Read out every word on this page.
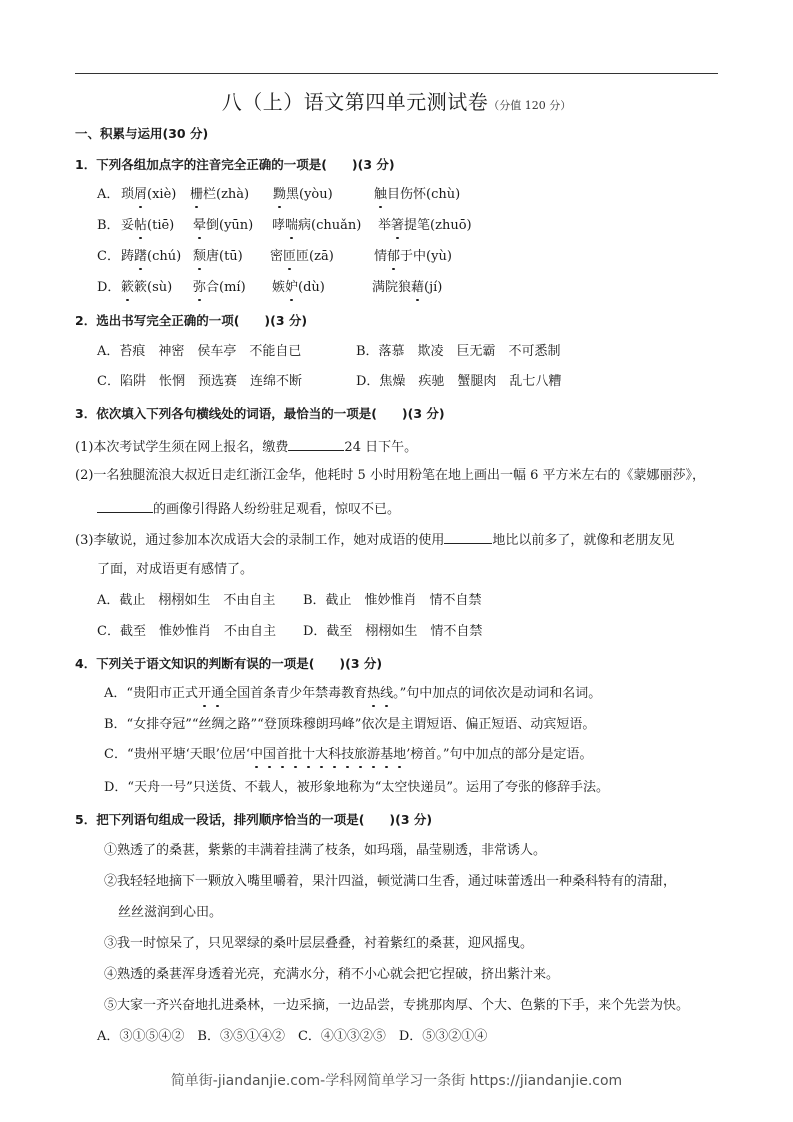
八（上）语文第四单元测试卷（分值 120 分）
一、积累与运用(30 分)
1．下列各组加点字的注音完全正确的一项是(　　)(3 分)
A． 琐屑(xiè) 栅栏(zhà) 黝黑(yòu)	触目伤怀(chù)
B． 妥帖(tiē) 晕倒(yūn) 哮喘病(chuǎn) 举箸提笔(zhuō)
C． 踌躇(chú) 颓唐(tū) 密匝匝(zā)	情郁于中(yù)
D． 簌簌(sù) 弥合(mí) 嫉妒(dù)	满院狼藉(jí)
2．选出书写完全正确的一项(　　)(3 分)
A．苔痕　神密　侯车亭　不能自已	B．落慕　欺凌　巨无霸　不可悉制
C．陷阱　怅惘　预选赛　连绵不断	D．焦燥　疾驰　蟹腿肉　乱七八糟
3．依次填入下列各句横线处的词语，最恰当的一项是(　　)(3 分)
(1)本次考试学生须在网上报名，缴费	24 日下午。
(2)一名独腿流浪大叔近日走红浙江金华，他耗时 5 小时用粉笔在地上画出一幅 6 平方米左右的《蒙娜丽莎》，
的画像引得路人纷纷驻足观看，惊叹不已。
(3)李敏说，通过参加本次成语大会的录制工作，她对成语的使用	地比以前多了，就像和老朋友见
了面，对成语更有感情了。
A．截止　栩栩如生　不由自主 B．截止　惟妙惟肖　情不自禁
C．截至　惟妙惟肖　不由自主 D．截至　栩栩如生　情不自禁
4．下列关于语文知识的判断有误的一项是(　　)(3 分)
A．“贵阳市正式开通全国首条青少年禁毒教育热线。”句中加点的词依次是动词和名词。
B．“女排夺冠”“丝绸之路”“登顶珠穆朗玛峰”依次是主谓短语、偏正短语、动宾短语。
C．“贵州平塘‘天眼’位居‘中国首批十大科技旅游基地’榜首。”句中加点的部分是定语。
D．“天舟一号”只送货、不载人，被形象地称为“太空快递员”。运用了夸张的修辞手法。
5．把下列语句组成一段话，排列顺序恰当的一项是(　　)(3 分)
①熟透了的桑葚，紫紫的丰满着挂满了枝条，如玛瑙，晶莹剔透，非常诱人。
②我轻轻地摘下一颗放入嘴里嚼着，果汁四溢，顿觉满口生香，通过味蕾透出一种桑科特有的清甜，
丝丝滋润到心田。
③我一时惊呆了，只见翠绿的桑叶层层叠叠，衬着紫红的桑葚，迎风摇曳。
④熟透的桑葚浑身透着光亮，充满水分，稍不小心就会把它捏破，挤出紫汁来。
⑤大家一齐兴奋地扎进桑林，一边采摘，一边品尝，专挑那肉厚、个大、色紫的下手，来个先尝为快。
A．③①⑤④②　B．③⑤①④②　C．④①③②⑤　D．⑤③②①④
简单街-jiandanjie.com-学科网简单学习一条街 https://jiandanjie.com
